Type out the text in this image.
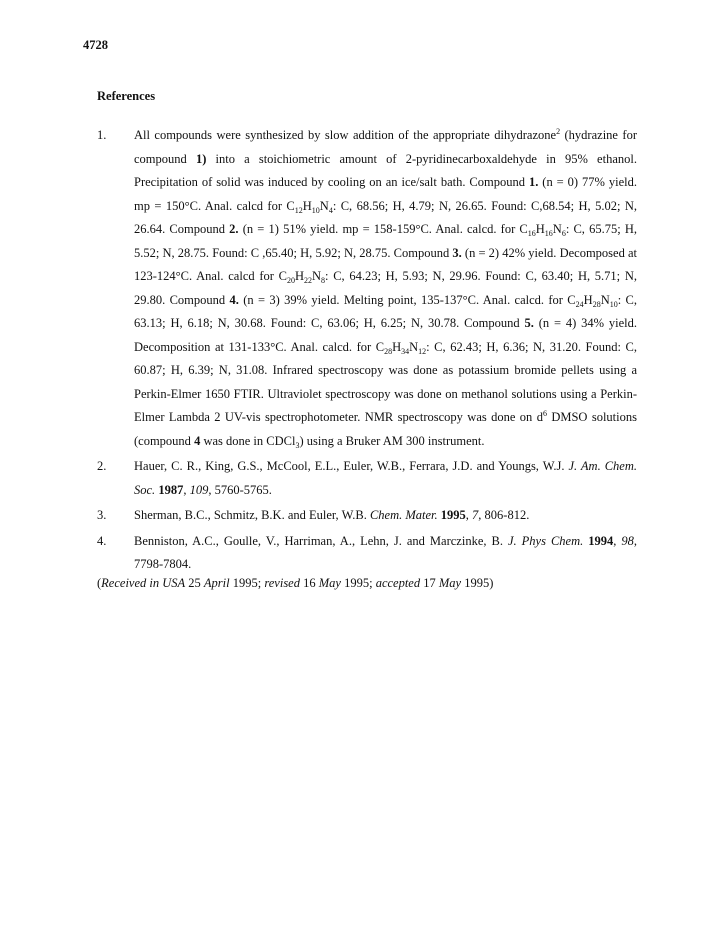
4728
References
1. All compounds were synthesized by slow addition of the appropriate dihydrazone$^2$ (hydrazine for compound 1) into a stoichiometric amount of 2-pyridinecarboxaldehyde in 95% ethanol. Precipitation of solid was induced by cooling on an ice/salt bath. Compound 1. (n = 0) 77% yield. mp = 150°C. Anal. calcd for $C_{12}H_{10}N_4$: C, 68.56; H, 4.79; N, 26.65. Found: C,68.54; H, 5.02; N, 26.64. Compound 2. (n = 1) 51% yield. mp = 158-159°C. Anal. calcd. for $C_{16}H_{16}N_6$: C, 65.75; H, 5.52; N, 28.75. Found: C ,65.40; H, 5.92; N, 28.75. Compound 3. (n = 2) 42% yield. Decomposed at 123-124°C. Anal. calcd for $C_{20}H_{22}N_8$: C, 64.23; H, 5.93; N, 29.96. Found: C, 63.40; H, 5.71; N, 29.80. Compound 4. (n = 3) 39% yield. Melting point, 135-137°C. Anal. calcd. for $C_{24}H_{28}N_{10}$: C, 63.13; H, 6.18; N, 30.68. Found: C, 63.06; H, 6.25; N, 30.78. Compound 5. (n = 4) 34% yield. Decomposition at 131-133°C. Anal. calcd. for $C_{28}H_{34}N_{12}$: C, 62.43; H, 6.36; N, 31.20. Found: C, 60.87; H, 6.39; N, 31.08. Infrared spectroscopy was done as potassium bromide pellets using a Perkin-Elmer 1650 FTIR. Ultraviolet spectroscopy was done on methanol solutions using a Perkin-Elmer Lambda 2 UV-vis spectrophotometer. NMR spectroscopy was done on $d^6$ DMSO solutions (compound 4 was done in CDCl$_3$) using a Bruker AM 300 instrument.
2. Hauer, C. R., King, G.S., McCool, E.L., Euler, W.B., Ferrara, J.D. and Youngs, W.J. J. Am. Chem. Soc. 1987, 109, 5760-5765.
3. Sherman, B.C., Schmitz, B.K. and Euler, W.B. Chem. Mater. 1995, 7, 806-812.
4. Benniston, A.C., Goulle, V., Harriman, A., Lehn, J. and Marczinke, B. J. Phys Chem. 1994, 98, 7798-7804.
(Received in USA 25 April 1995; revised 16 May 1995; accepted 17 May 1995)
